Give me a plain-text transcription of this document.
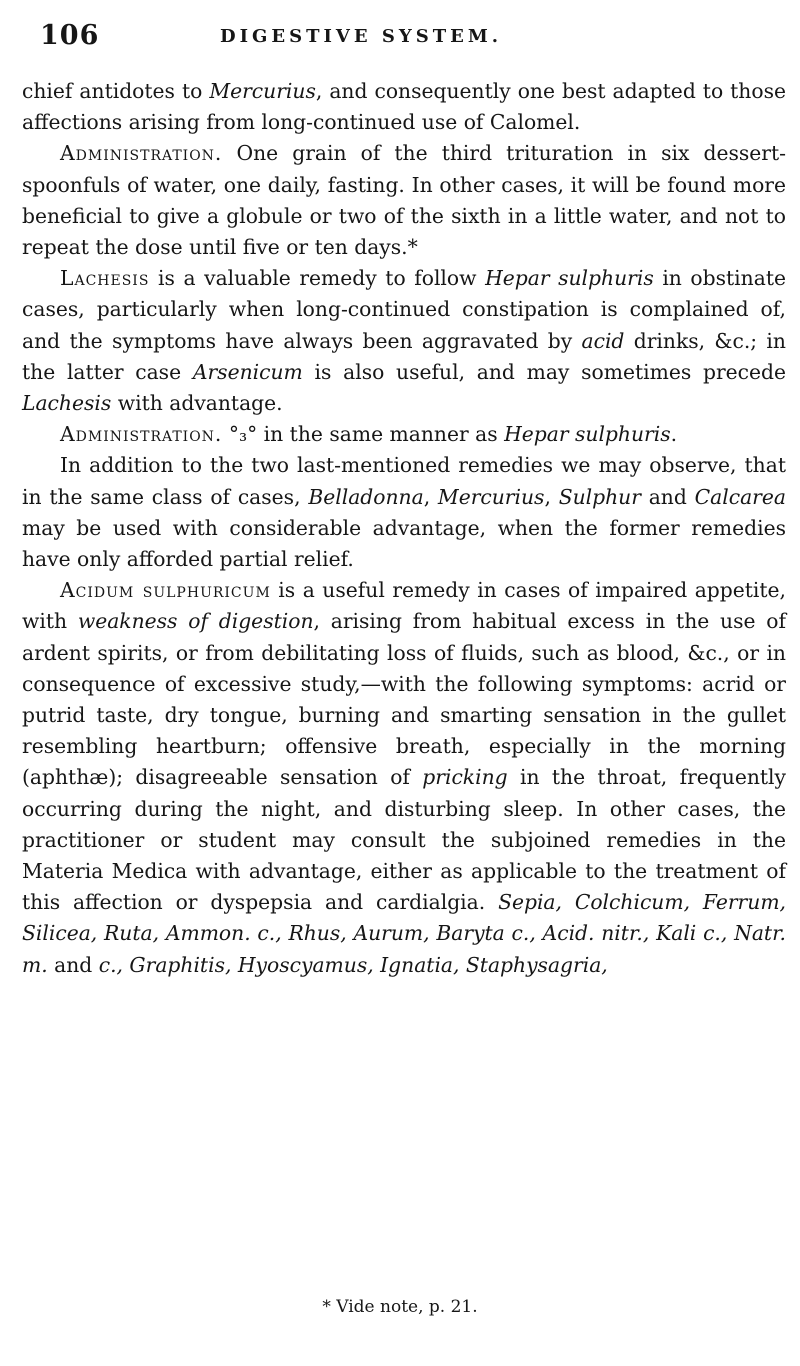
106	DIGESTIVE SYSTEM.

chief antidotes to Mercurius, and consequently one best adapted to those affections arising from long-continued use of Calomel.

Administration. One grain of the third trituration in six dessert-spoonfuls of water, one daily, fasting. In other cases, it will be found more beneficial to give a globule or two of the sixth in a little water, and not to repeat the dose until five or ten days.*

Lachesis is a valuable remedy to follow Hepar sulphuris in obstinate cases, particularly when long-continued constipation is complained of, and the symptoms have always been aggravated by acid drinks, &c.; in the latter case Arsenicum is also useful, and may sometimes precede Lachesis with advantage.

Administration. °₃° in the same manner as Hepar sulphuris.

In addition to the two last-mentioned remedies we may observe, that in the same class of cases, Belladonna, Mercurius, Sulphur and Calcarea may be used with considerable advantage, when the former remedies have only afforded partial relief.

Acidum sulphuricum is a useful remedy in cases of impaired appetite, with weakness of digestion, arising from habitual excess in the use of ardent spirits, or from debilitating loss of fluids, such as blood, &c., or in consequence of excessive study,—with the following symptoms: acrid or putrid taste, dry tongue, burning and smarting sensation in the gullet resembling heartburn; offensive breath, especially in the morning (aphthæ); disagreeable sensation of pricking in the throat, frequently occurring during the night, and disturbing sleep. In other cases, the practitioner or student may consult the subjoined remedies in the Materia Medica with advantage, either as applicable to the treatment of this affection or dyspepsia and cardialgia. Sepia, Colchicum, Ferrum, Silicea, Ruta, Ammon. c., Rhus, Aurum, Baryta c., Acid. nitr., Kali c., Natr. m. and c., Graphitis, Hyoscyamus, Ignatia, Staphysagria,

* Vide note, p. 21.
